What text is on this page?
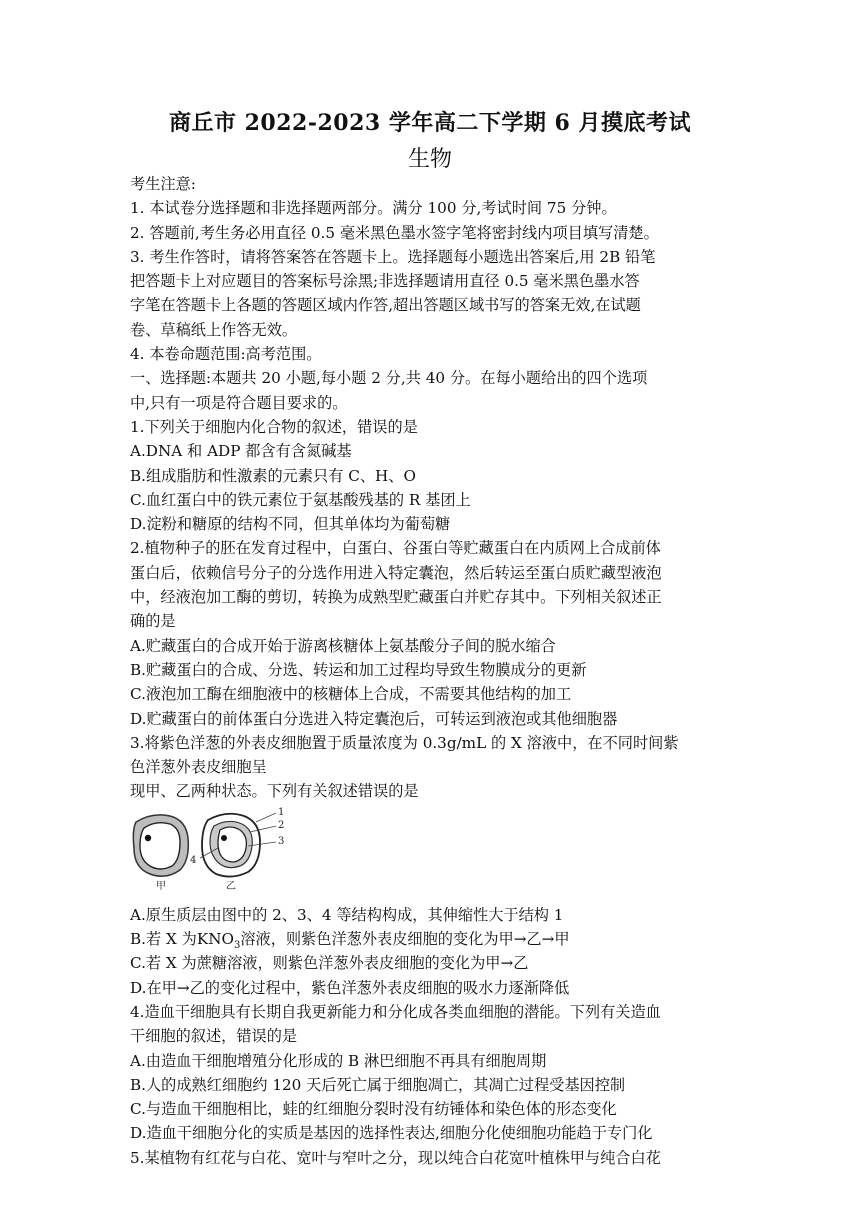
商丘市 2022-2023 学年高二下学期 6 月摸底考试
生物
考生注意:
1. 本试卷分选择题和非选择题两部分。满分 100 分,考试时间 75 分钟。
2. 答题前,考生务必用直径 0.5 毫米黑色墨水签字笔将密封线内项目填写清楚。
3. 考生作答时，请将答案答在答题卡上。选择题每小题选出答案后,用 2B 铅笔
把答题卡上对应题目的答案标号涂黑;非选择题请用直径 0.5 毫米黑色墨水答
字笔在答题卡上各题的答题区域内作答,超出答题区域书写的答案无效,在试题
卷、草稿纸上作答无效。
4. 本卷命题范围:高考范围。
一、选择题:本题共 20 小题,每小题 2 分,共 40 分。在每小题给出的四个选项
中,只有一项是符合题目要求的。
1.下列关于细胞内化合物的叙述，错误的是
A.DNA 和 ADP 都含有含氮碱基
B.组成脂肪和性激素的元素只有 C、H、O
C.血红蛋白中的铁元素位于氨基酸残基的 R 基团上
D.淀粉和糖原的结构不同，但其单体均为葡萄糖
2.植物种子的胚在发育过程中，白蛋白、谷蛋白等贮藏蛋白在内质网上合成前体
蛋白后，依赖信号分子的分选作用进入特定囊泡，然后转运至蛋白质贮藏型液泡
中，经液泡加工酶的剪切，转换为成熟型贮藏蛋白并贮存其中。下列相关叙述正
确的是
A.贮藏蛋白的合成开始于游离核糖体上氨基酸分子间的脱水缩合
B.贮藏蛋白的合成、分选、转运和加工过程均导致生物膜成分的更新
C.液泡加工酶在细胞液中的核糖体上合成，不需要其他结构的加工
D.贮藏蛋白的前体蛋白分选进入特定囊泡后，可转运到液泡或其他细胞器
3.将紫色洋葱的外表皮细胞置于质量浓度为 0.3g/mL 的 X 溶液中，在不同时间紫
色洋葱外表皮细胞呈
现甲、乙两种状态。下列有关叙述错误的是
1
2
3
4
甲	乙
A.原生质层由图中的 2、3、4 等结构构成，其伸缩性大于结构 1
B.若 X 为$KNO_3$溶液，则紫色洋葱外表皮细胞的变化为甲→乙→甲
C.若 X 为蔗糖溶液，则紫色洋葱外表皮细胞的变化为甲→乙
D.在甲→乙的变化过程中，紫色洋葱外表皮细胞的吸水力逐渐降低
4.造血干细胞具有长期自我更新能力和分化成各类血细胞的潜能。下列有关造血
干细胞的叙述，错误的是
A.由造血干细胞增殖分化形成的 B 淋巴细胞不再具有细胞周期
B.人的成熟红细胞约 120 天后死亡属于细胞凋亡，其凋亡过程受基因控制
C.与造血干细胞相比，蛙的红细胞分裂时没有纺锤体和染色体的形态变化
D.造血干细胞分化的实质是基因的选择性表达,细胞分化使细胞功能趋于专门化
5.某植物有红花与白花、宽叶与窄叶之分，现以纯合白花宽叶植株甲与纯合白花
